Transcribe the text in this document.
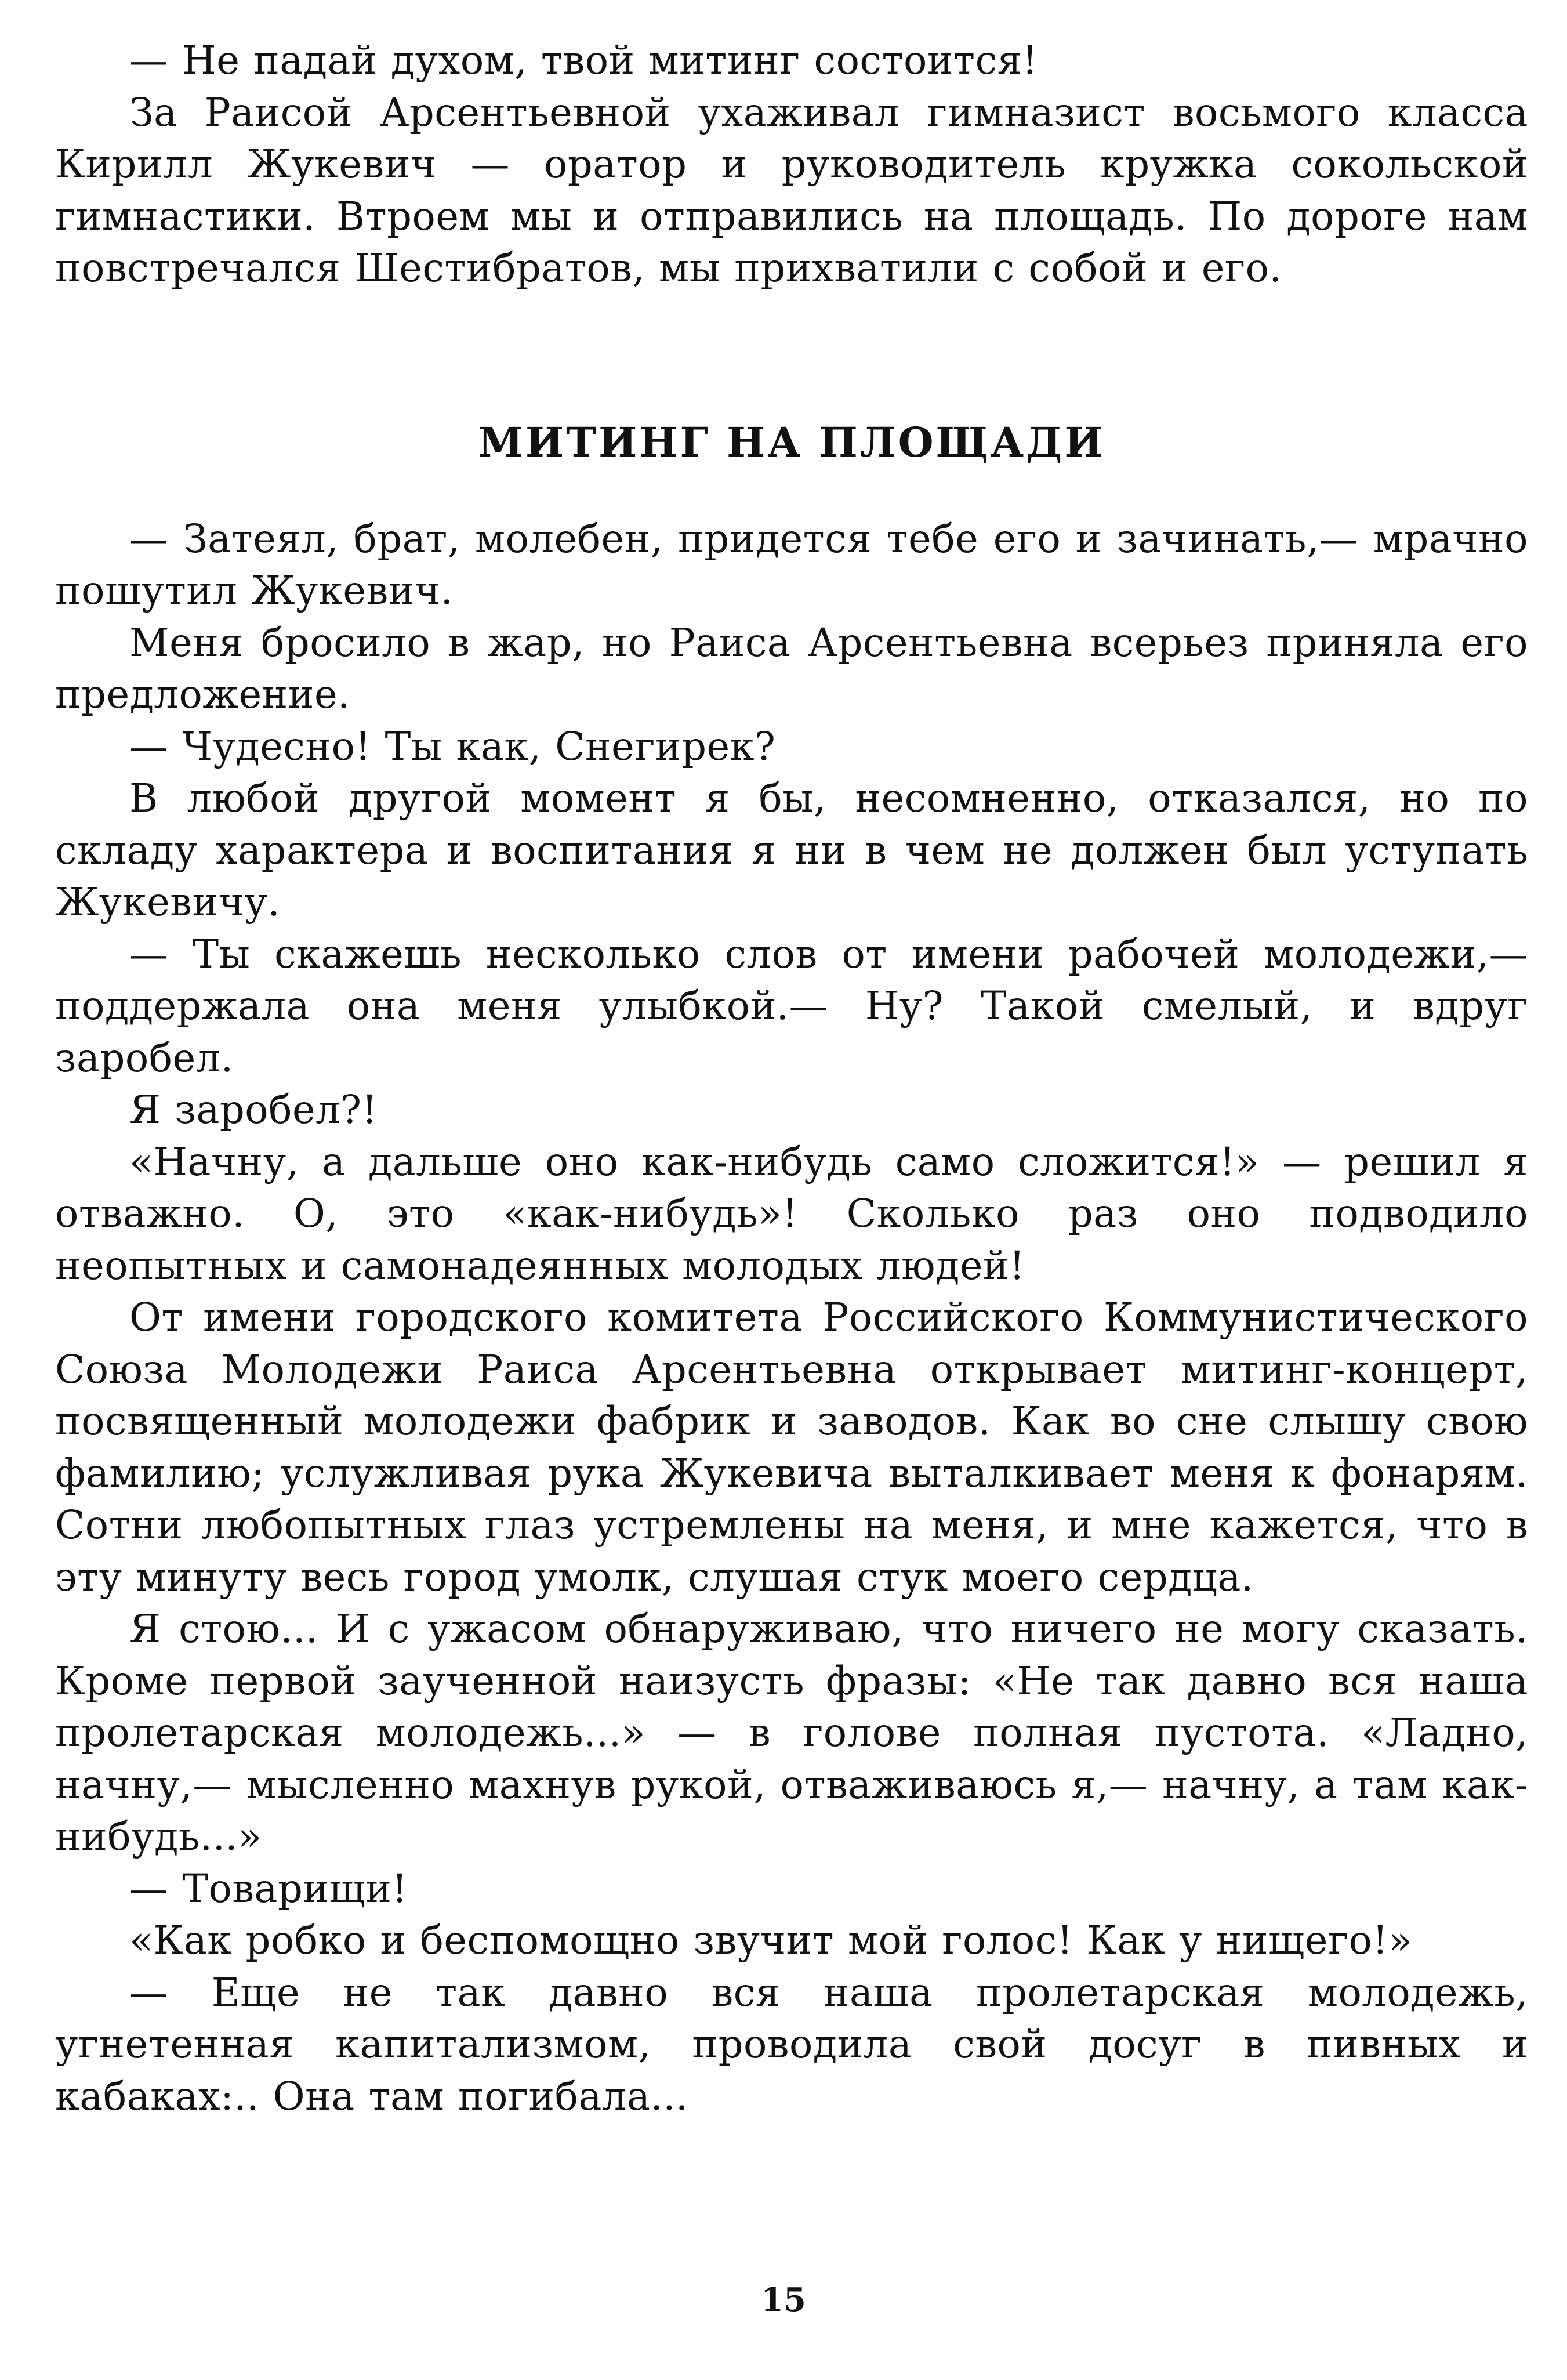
— Не падай духом, твой митинг состоится!

За Раисой Арсентьевной ухаживал гимназист восьмого класса Кирилл Жукевич — оратор и руководитель кружка сокольской гимнастики. Втроем мы и отправились на площадь. По дороге нам повстречался Шестибратов, мы прихватили с собой и его.

МИТИНГ НА ПЛОЩАДИ

— Затеял, брат, молебен, придется тебе его и зачинать,— мрачно пошутил Жукевич.

Меня бросило в жар, но Раиса Арсентьевна всерьез приняла его предложение.

— Чудесно! Ты как, Снегирек?

В любой другой момент я бы, несомненно, отказался, но по складу характера и воспитания я ни в чем не должен был уступать Жукевичу.

— Ты скажешь несколько слов от имени рабочей молодежи,— поддержала она меня улыбкой.— Ну? Такой смелый, и вдруг заробел.

Я заробел?!

«Начну, а дальше оно как-нибудь само сложится!» — решил я отважно. О, это «как-нибудь»! Сколько раз оно подводило неопытных и самонадеянных молодых людей!

От имени городского комитета Российского Коммунистического Союза Молодежи Раиса Арсентьевна открывает митинг-концерт, посвященный молодежи фабрик и заводов. Как во сне слышу свою фамилию; услужливая рука Жукевича выталкивает меня к фонарям. Сотни любопытных глаз устремлены на меня, и мне кажется, что в эту минуту весь город умолк, слушая стук моего сердца.

Я стою... И с ужасом обнаруживаю, что ничего не могу сказать. Кроме первой заученной наизусть фразы: «Не так давно вся наша пролетарская молодежь...» — в голове полная пустота. «Ладно, начну,— мысленно махнув рукой, отваживаюсь я,— начну, а там как-нибудь...»

— Товарищи!

«Как робко и беспомощно звучит мой голос! Как у нищего!»

— Еще не так давно вся наша пролетарская молодежь, угнетенная капитализмом, проводила свой досуг в пивных и кабаках:.. Она там погибала...

15
